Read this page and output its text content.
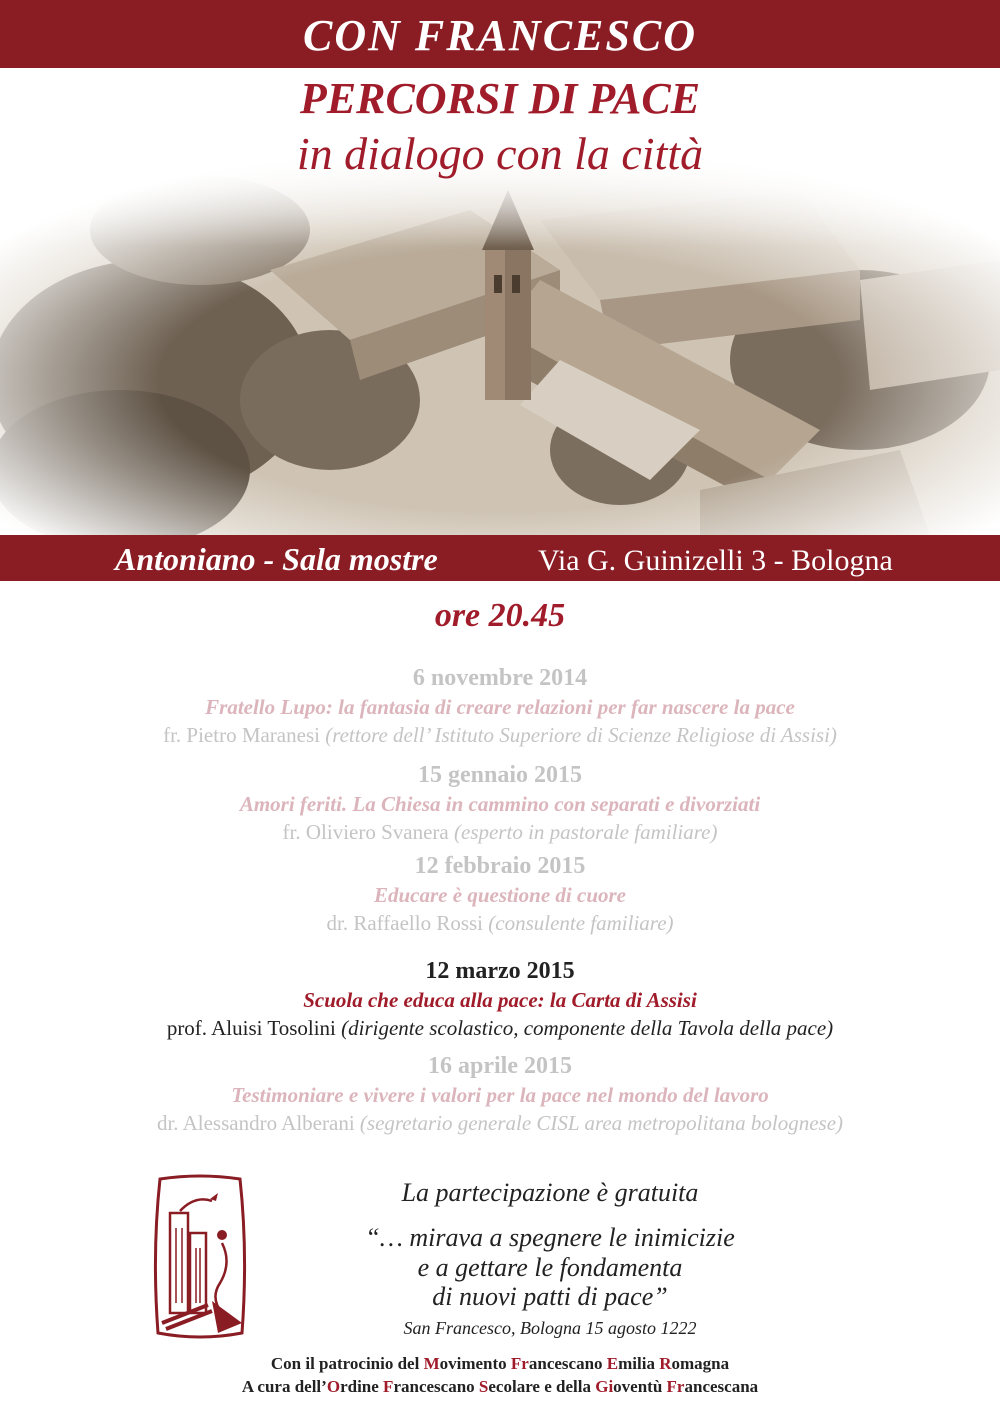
CON FRANCESCO
PERCORSI DI PACE
in dialogo con la città
Antoniano - Sala mostre	Via G. Guinizelli 3 - Bologna
ore 20.45
6 novembre 2014
Fratello Lupo: la fantasia di creare relazioni per far nascere la pace
fr. Pietro Maranesi (rettore dell’ Istituto Superiore di Scienze Religiose di Assisi)
15 gennaio 2015
Amori feriti. La Chiesa in cammino con separati e divorziati
fr. Oliviero Svanera (esperto in pastorale familiare)
12 febbraio 2015
Educare è questione di cuore
dr. Raffaello Rossi (consulente familiare)
12 marzo 2015
Scuola che educa alla pace: la Carta di Assisi
prof. Aluisi Tosolini (dirigente scolastico, componente della Tavola della pace)
16 aprile 2015
Testimoniare e vivere i valori per la pace nel mondo del lavoro
dr. Alessandro Alberani (segretario generale CISL area metropolitana bolognese)
La partecipazione è gratuita
“… mirava a spegnere le inimicizie
e a gettare le fondamenta
di nuovi patti di pace”
San Francesco, Bologna 15 agosto 1222
Con il patrocinio del Movimento Francescano Emilia Romagna
A cura dell’Ordine Francescano Secolare e della Gioventù Francescana
